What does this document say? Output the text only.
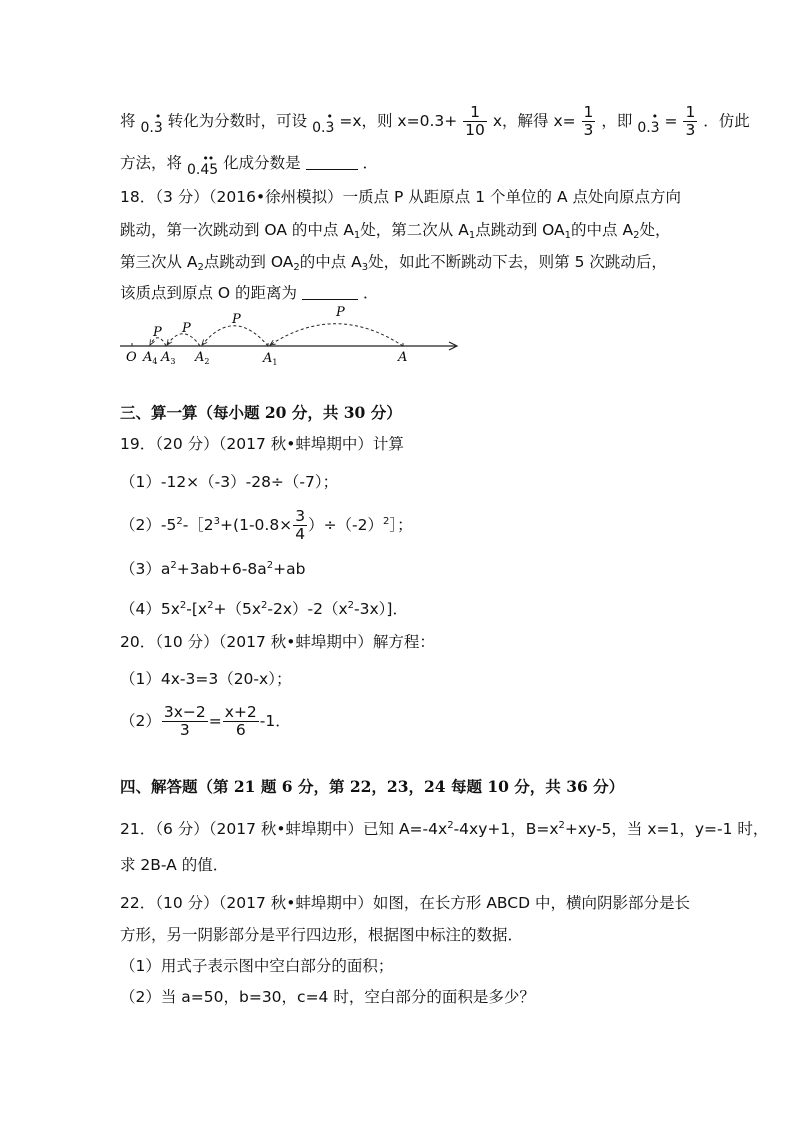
将 0.
•
3 转化为分数时，可设 0.
•
3 =x，则 $x=0.3+ \frac{1}{10}$ x，解得 $x= \frac{1}{3}$ ，即 0.
•
$3 = \frac{1}{3}$ ．仿此
方法，将 0.
••
45 化成分数是	．
18．（3 分）（2016•徐州模拟）一质点 P 从距原点 1 个单位的 A 点处向原点方向
跳动，第一次跳动到 OA 的中点 $A_1$处，第二次从 $A_1$点跳动到 $OA_1$的中点 $A_2$处，
第三次从 $A_2$点跳动到 $OA_2$的中点 $A_3$处，如此不断跳动下去，则第 5 次跳动后，
该质点到原点 O 的距离为	．
P
P
P
P
O $A_4$ $A_3$ $A_2$	$A_1$	A
三、算一算（每小题 20 分，共 30 分）
19．（20 分）（2017 秋•蚌埠期中）计算
（1）-12×（-3）-28÷（-7）；
$(2)-5^2-[2^3+(1-0.8\times \frac{3}{4}$ ）$\div(-2)^2]$；
$(3)a^2+3ab+6-8a^2+ab$
$(4)5x^2-[x^2+(5x^2-2x)-2(x^2-3x)]$．
20．（10 分）（2017 秋•蚌埠期中）解方程：
（1）4x-3=3（20-x）；
$(2) \frac{3x-2}{3} = \frac{x+2}{6} -1$．
四、解答题（第 21 题 6 分，第 22，23，24 每题 10 分，共 36 分）
21．（6 分）（2017 秋•蚌埠期中）已知 $A=-4x^2-4xy+1$，$B=x^2+xy-5$，当 x=1，y=-1 时，
求 2B-A 的值．
22．（10 分）（2017 秋•蚌埠期中）如图，在长方形 ABCD 中，横向阴影部分是长
方形，另一阴影部分是平行四边形，根据图中标注的数据．
（1）用式子表示图中空白部分的面积；
（2）当 a=50，b=30，c=4 时，空白部分的面积是多少？
